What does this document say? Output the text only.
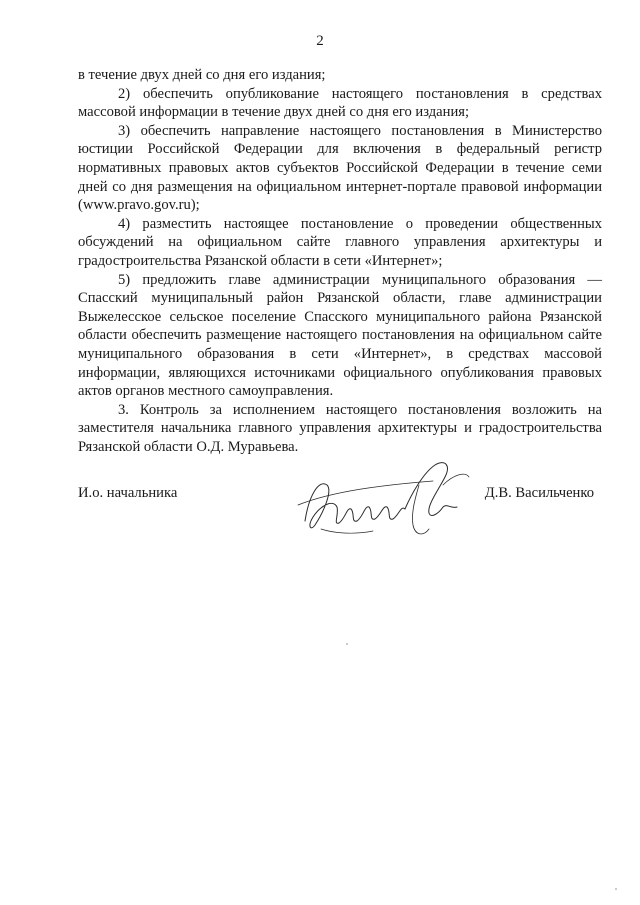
2

в течение двух дней со дня его издания;

2) обеспечить опубликование настоящего постановления в средствах массовой информации в течение двух дней со дня его издания;

3) обеспечить направление настоящего постановления в Министерство юстиции Российской Федерации для включения в федеральный регистр нормативных правовых актов субъектов Российской Федерации в течение семи дней со дня размещения на официальном интернет-портале правовой информации (www.pravo.gov.ru);

4) разместить настоящее постановление о проведении общественных обсуждений на официальном сайте главного управления архитектуры и градостроительства Рязанской области в сети «Интернет»;

5) предложить главе администрации муниципального образования — Спасский муниципальный район Рязанской области, главе администрации Выжелесское сельское поселение Спасского муниципального района Рязанской области обеспечить размещение настоящего постановления на официальном сайте муниципального образования в сети «Интернет», в средствах массовой информации, являющихся источниками официального опубликования правовых актов органов местного самоуправления.

3. Контроль за исполнением настоящего постановления возложить на заместителя начальника главного управления архитектуры и градостроительства Рязанской области О.Д. Муравьева.

И.о. начальника	Д.В. Васильченко
